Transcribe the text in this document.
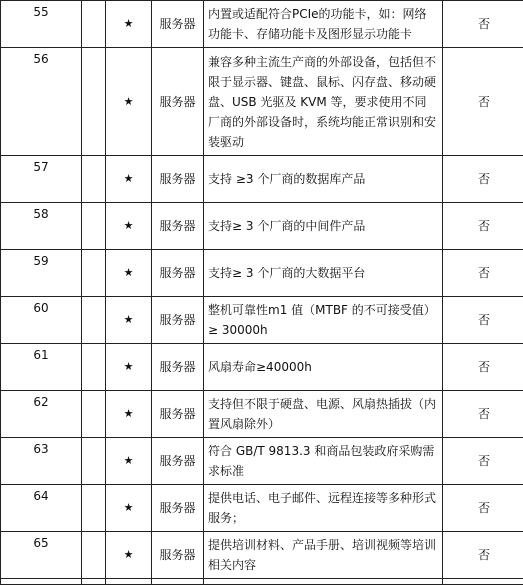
55		★	服务器	内置或适配符合PCIe的功能卡，如：网络功能卡、存储功能卡及图形显示功能卡	否	
56		★	服务器	兼容多种主流生产商的外部设备，包括但不限于显示器、键盘、鼠标、闪存盘、移动硬盘、USB 光驱及 KVM 等，要求使用不同厂商的外部设备时，系统均能正常识别和安装驱动	否	
57		★	服务器	支持 ≥3 个厂商的数据库产品	否	
58		★	服务器	支持≥ 3 个厂商的中间件产品	否	
59		★	服务器	支持≥ 3 个厂商的大数据平台	否	
60		★	服务器	整机可靠性m1 值（MTBF 的不可接受值）≥ 30000h	否	
61		★	服务器	风扇寿命≥40000h	否	
62		★	服务器	支持但不限于硬盘、电源、风扇热插拔（内置风扇除外）	否	
63		★	服务器	符合 GB/T 9813.3 和商品包装政府采购需求标准	否	
64		★	服务器	提供电话、电子邮件、远程连接等多种形式服务；	否	
65		★	服务器	提供培训材料、产品手册、培训视频等培训相关内容	否	
